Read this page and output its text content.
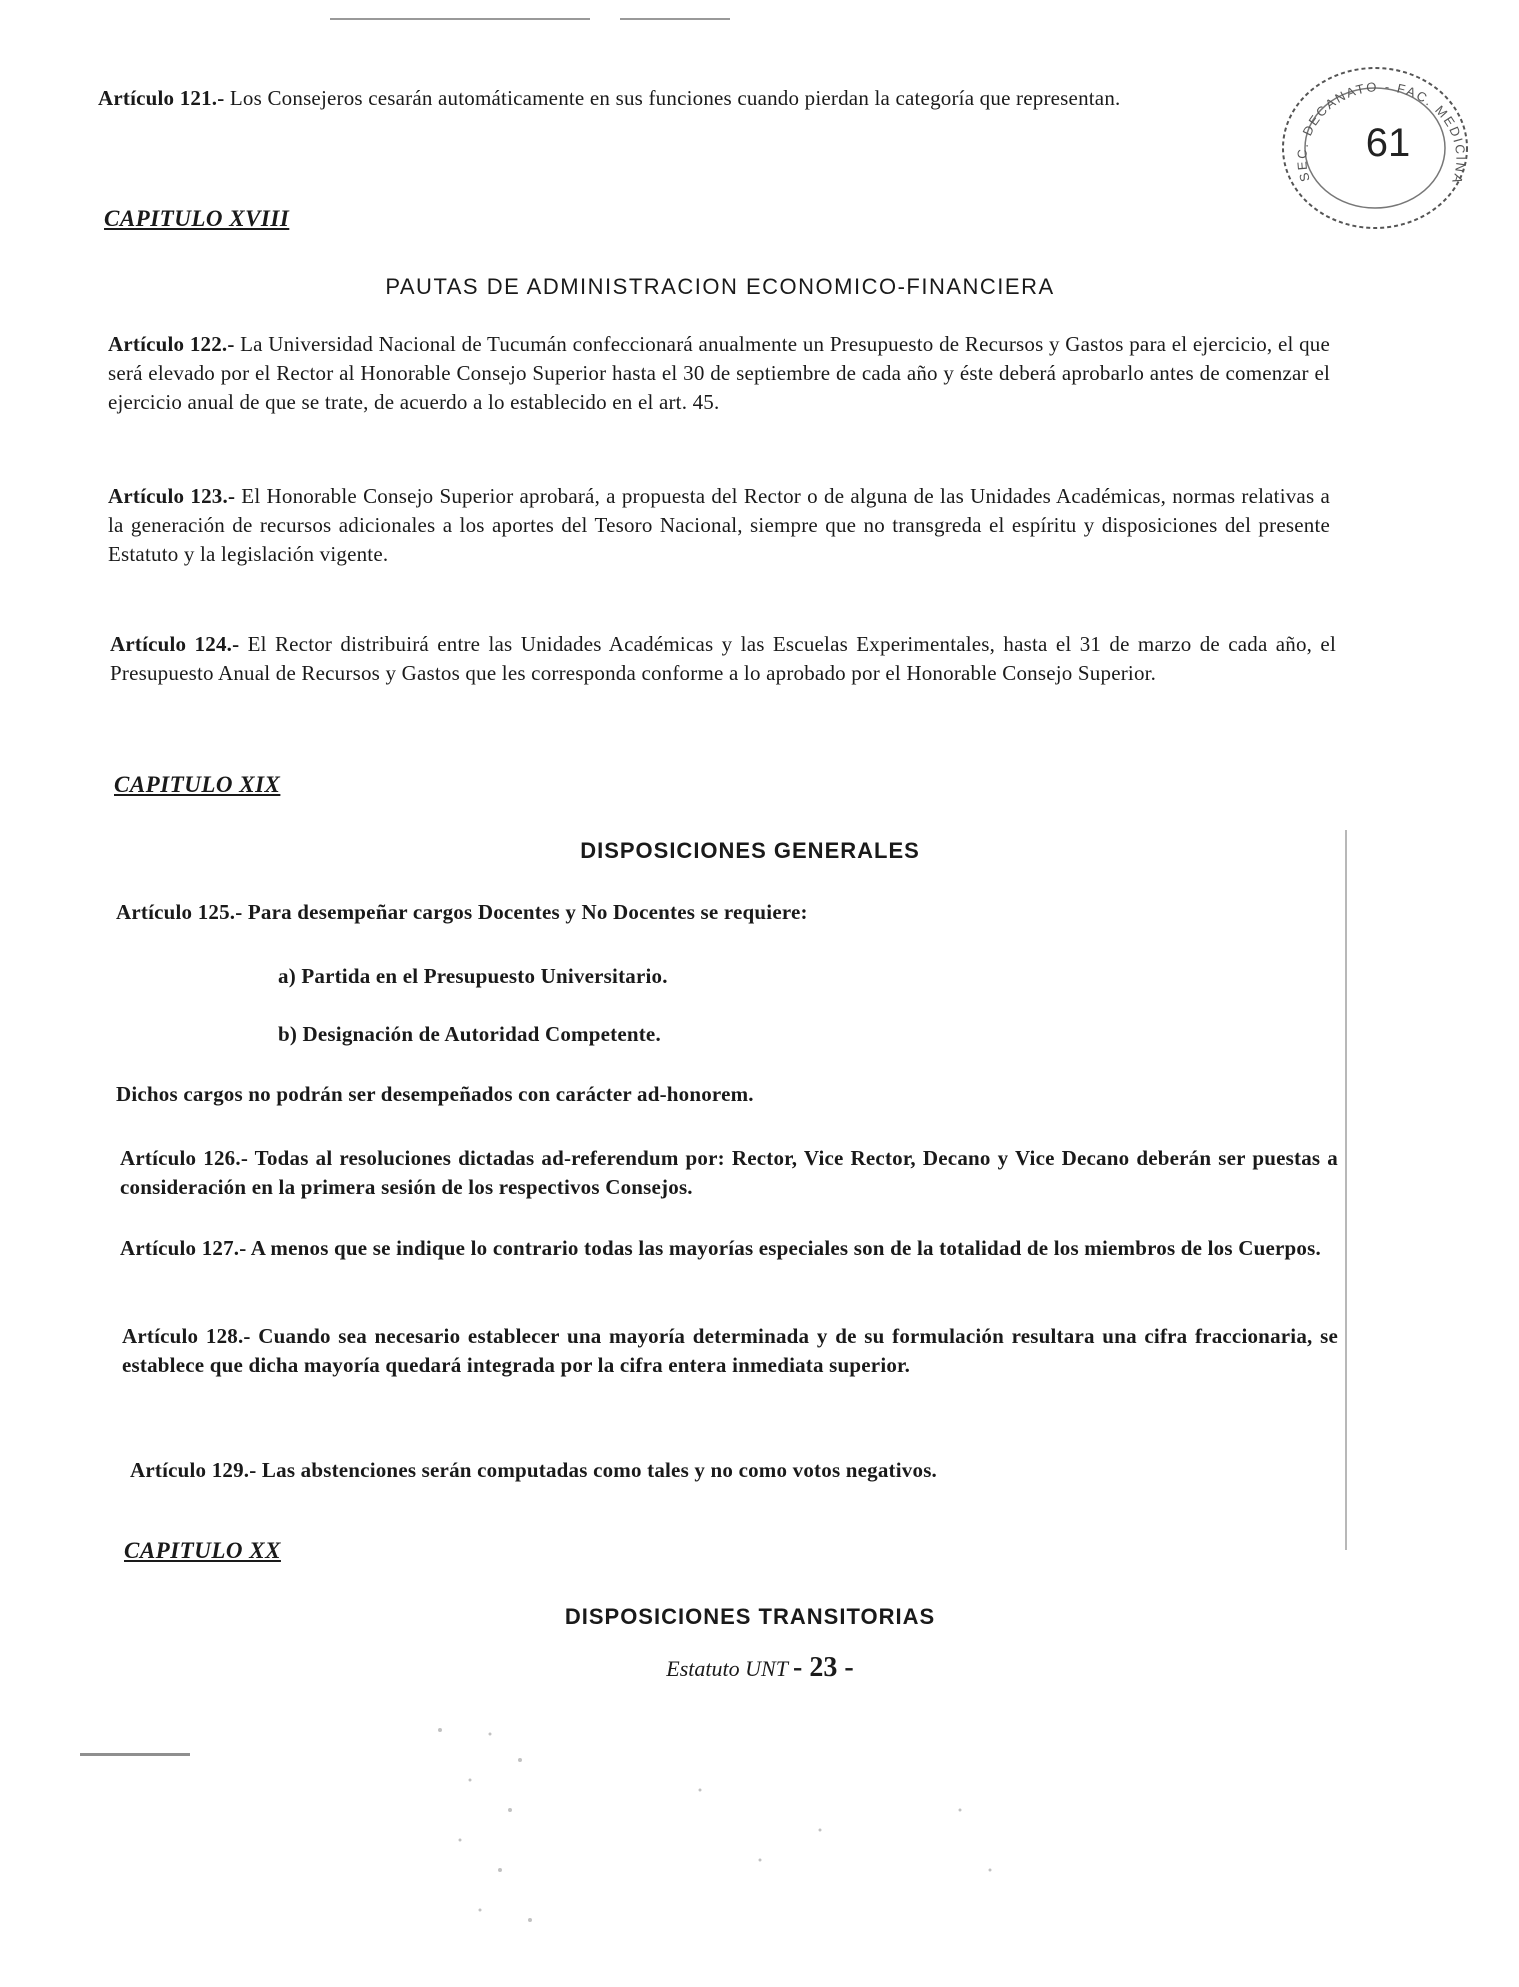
SEC. DECANATO - FAC. MEDICINA
61
Artículo 121.- Los Consejeros cesarán automáticamente en sus funciones cuando pierdan la categoría que representan.
CAPITULO XVIII
PAUTAS DE ADMINISTRACION ECONOMICO-FINANCIERA
Artículo 122.- La Universidad Nacional de Tucumán confeccionará anualmente un Presupuesto de Recursos y Gastos para el ejercicio, el que será elevado por el Rector al Honorable Consejo Superior hasta el 30 de septiembre de cada año y éste deberá aprobarlo antes de comenzar el ejercicio anual de que se trate, de acuerdo a lo establecido en el art. 45.
Artículo 123.- El Honorable Consejo Superior aprobará, a propuesta del Rector o de alguna de las Unidades Académicas, normas relativas a la generación de recursos adicionales a los aportes del Tesoro Nacional, siempre que no transgreda el espíritu y disposiciones del presente Estatuto y la legislación vigente.
Artículo 124.- El Rector distribuirá entre las Unidades Académicas y las Escuelas Experimentales, hasta el 31 de marzo de cada año, el Presupuesto Anual de Recursos y Gastos que les corresponda conforme a lo aprobado por el Honorable Consejo Superior.
CAPITULO XIX
DISPOSICIONES GENERALES
Artículo 125.- Para desempeñar cargos Docentes y No Docentes se requiere:
a) Partida en el Presupuesto Universitario.
b) Designación de Autoridad Competente.
Dichos cargos no podrán ser desempeñados con carácter ad-honorem.
Artículo 126.- Todas al resoluciones dictadas ad-referendum por: Rector, Vice Rector, Decano y Vice Decano deberán ser puestas a consideración en la primera sesión de los respectivos Consejos.
Artículo 127.- A menos que se indique lo contrario todas las mayorías especiales son de la totalidad de los miembros de los Cuerpos.
Artículo 128.- Cuando sea necesario establecer una mayoría determinada y de su formulación resultara una cifra fraccionaria, se establece que dicha mayoría quedará integrada por la cifra entera inmediata superior.
Artículo 129.- Las abstenciones serán computadas como tales y no como votos negativos.
CAPITULO XX
DISPOSICIONES TRANSITORIAS
Estatuto UNT - 23 -
